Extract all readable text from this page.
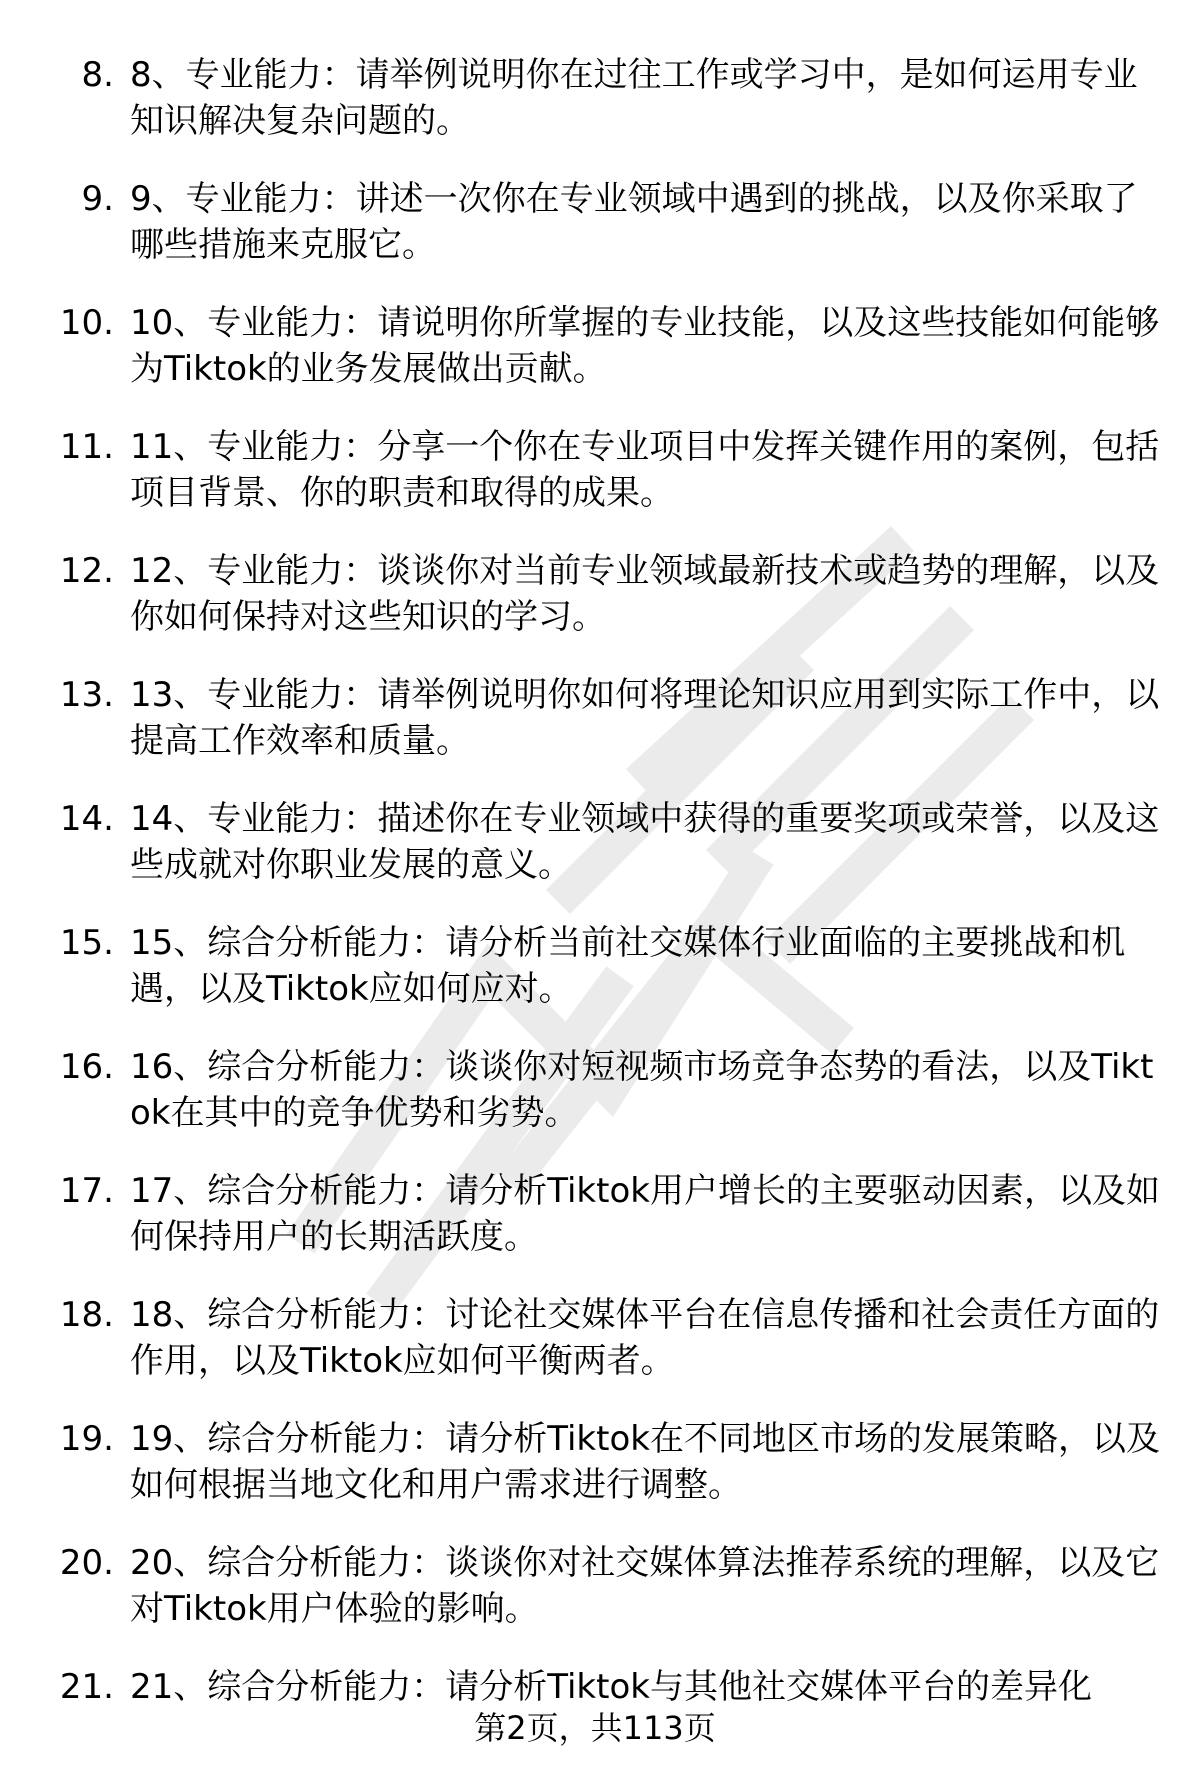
8. 8、专业能力：请举例说明你在过往工作或学习中，是如何运用专业知识解决复杂问题的。
9. 9、专业能力：讲述一次你在专业领域中遇到的挑战，以及你采取了哪些措施来克服它。
10. 10、专业能力：请说明你所掌握的专业技能，以及这些技能如何能够为Tiktok的业务发展做出贡献。
11. 11、专业能力：分享一个你在专业项目中发挥关键作用的案例，包括项目背景、你的职责和取得的成果。
12. 12、专业能力：谈谈你对当前专业领域最新技术或趋势的理解，以及你如何保持对这些知识的学习。
13. 13、专业能力：请举例说明你如何将理论知识应用到实际工作中，以提高工作效率和质量。
14. 14、专业能力：描述你在专业领域中获得的重要奖项或荣誉，以及这些成就对你职业发展的意义。
15. 15、综合分析能力：请分析当前社交媒体行业面临的主要挑战和机遇，以及Tiktok应如何应对。
16. 16、综合分析能力：谈谈你对短视频市场竞争态势的看法，以及Tiktok在其中的竞争优势和劣势。
17. 17、综合分析能力：请分析Tiktok用户增长的主要驱动因素，以及如何保持用户的长期活跃度。
18. 18、综合分析能力：讨论社交媒体平台在信息传播和社会责任方面的作用，以及Tiktok应如何平衡两者。
19. 19、综合分析能力：请分析Tiktok在不同地区市场的发展策略，以及如何根据当地文化和用户需求进行调整。
20. 20、综合分析能力：谈谈你对社交媒体算法推荐系统的理解，以及它对Tiktok用户体验的影响。
21. 21、综合分析能力：请分析Tiktok与其他社交媒体平台的差异化
第2页，共113页
